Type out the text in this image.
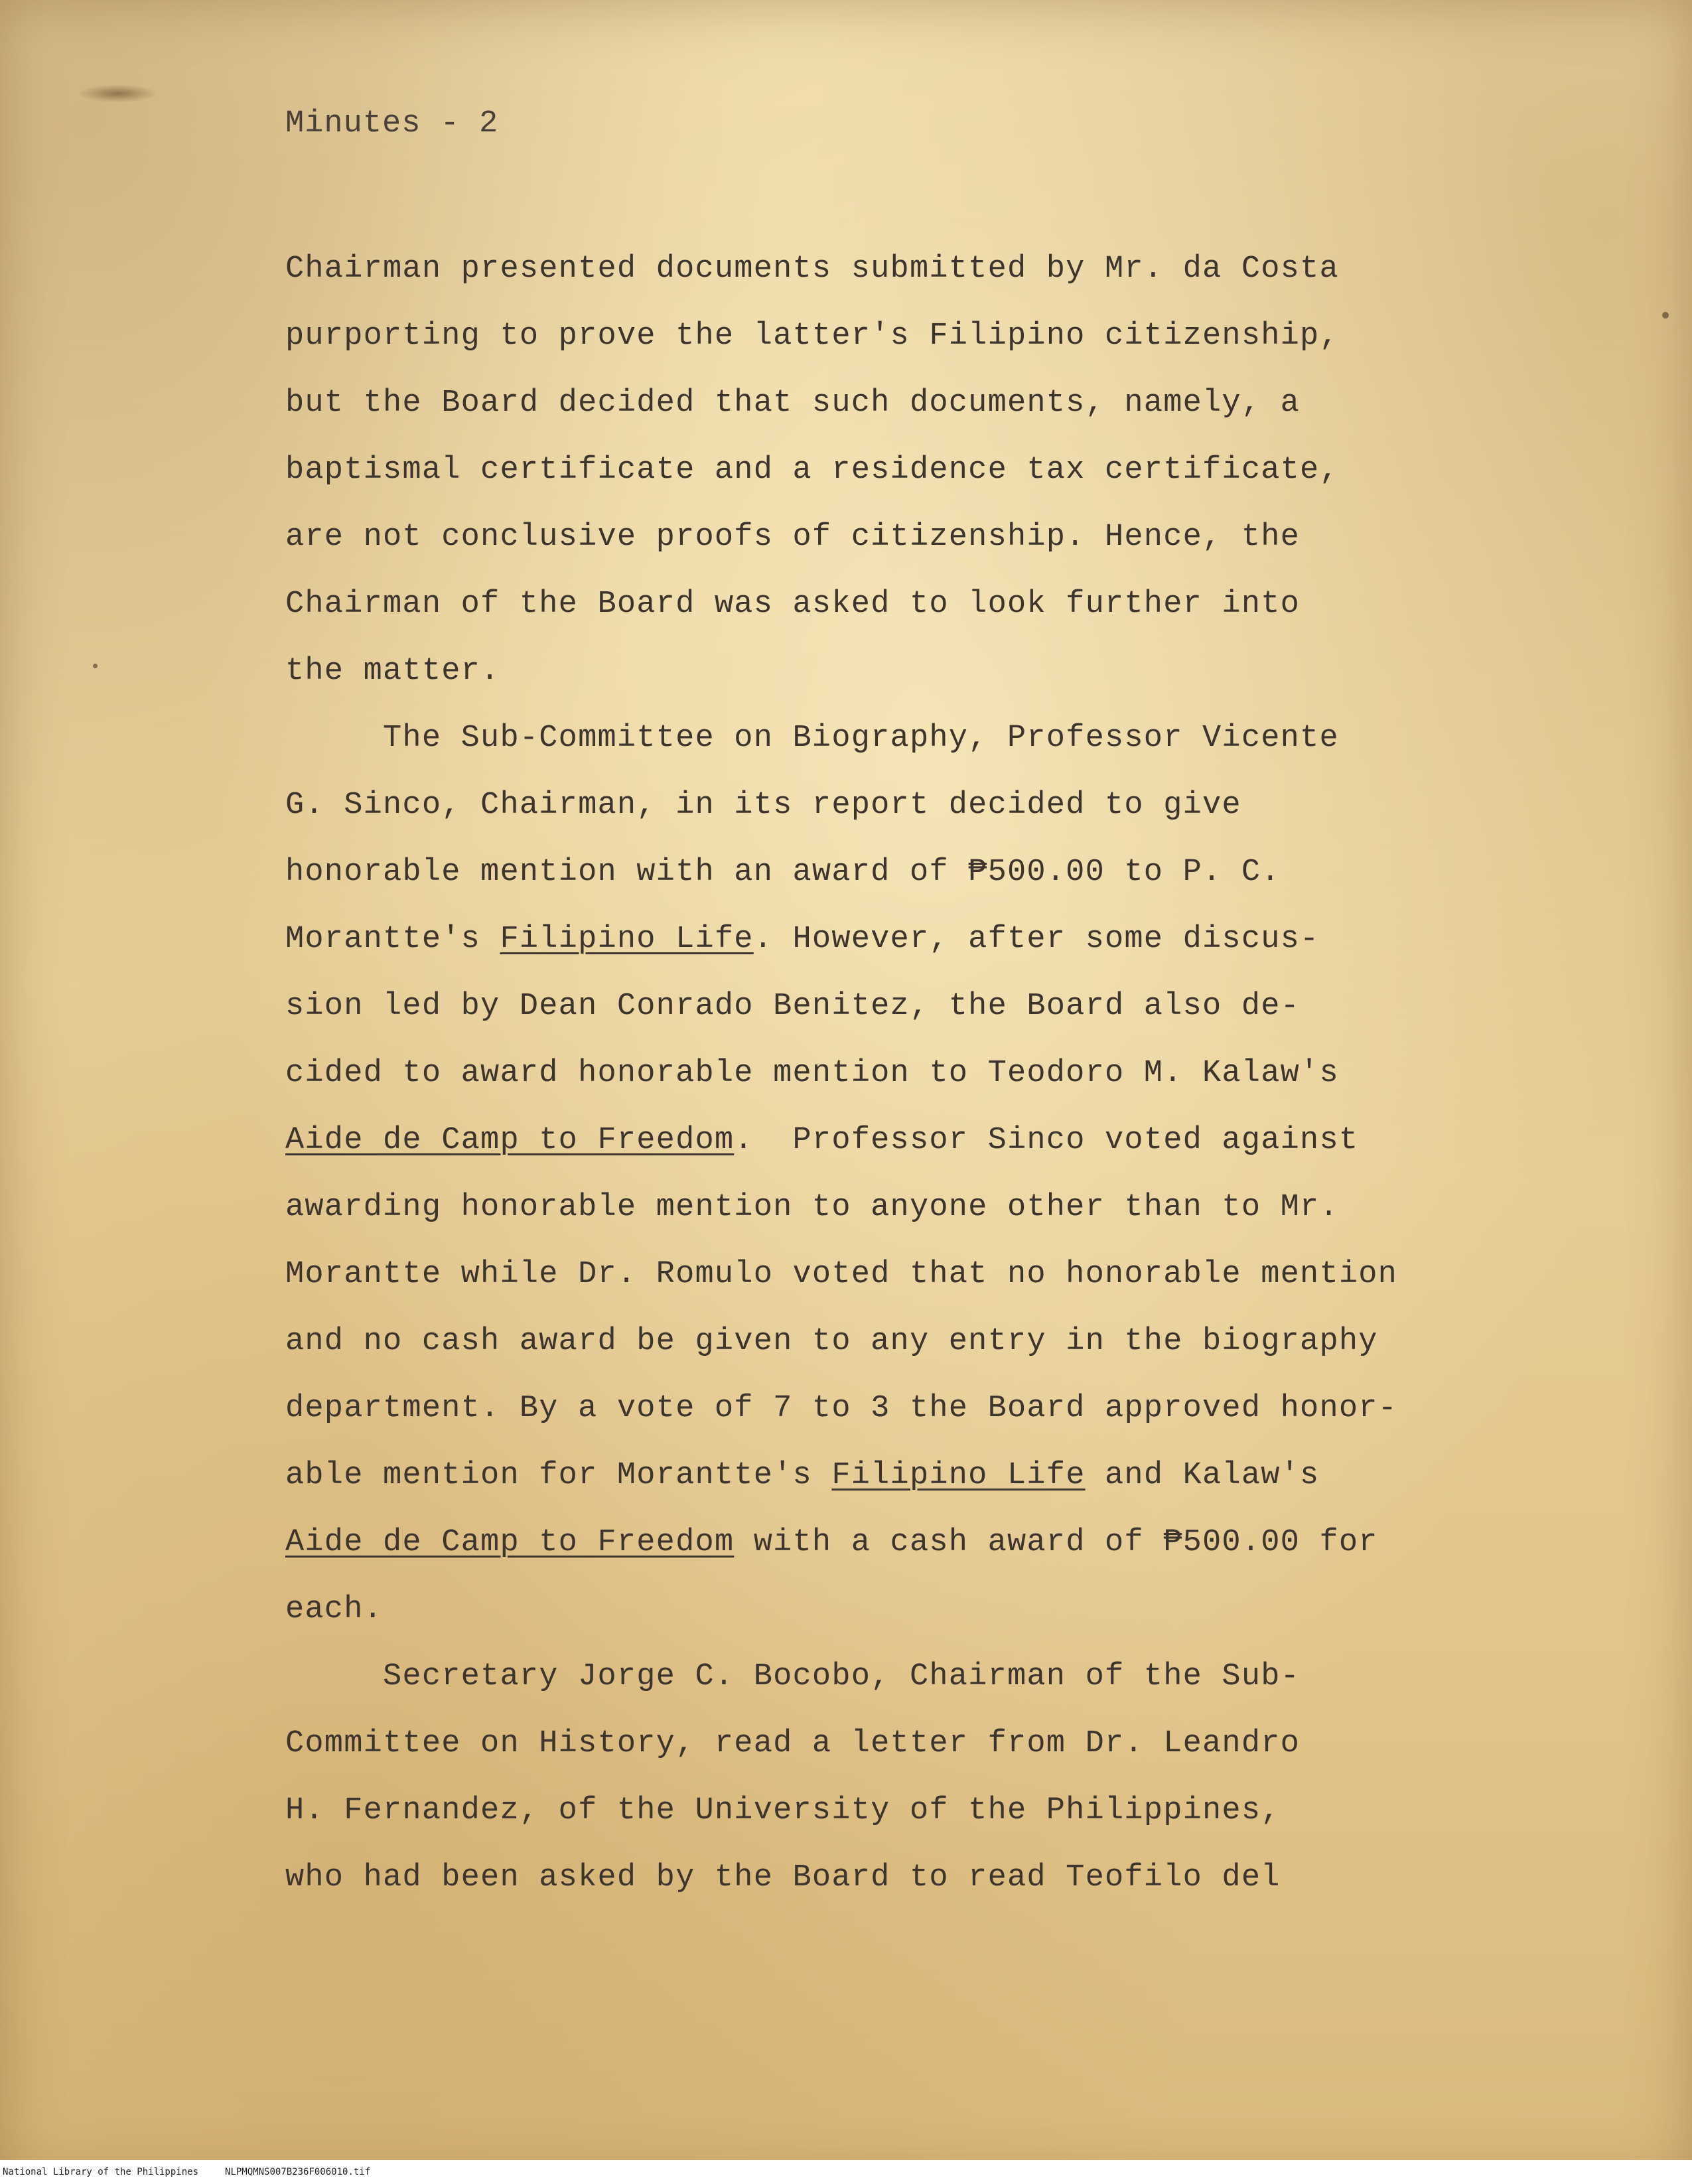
Minutes - 2
Chairman presented documents submitted by Mr. da Costa
purporting to prove the latter's Filipino citizenship,
but the Board decided that such documents, namely, a
baptismal certificate and a residence tax certificate,
are not conclusive proofs of citizenship. Hence, the
Chairman of the Board was asked to look further into
the matter.
The Sub-Committee on Biography, Professor Vicente
G. Sinco, Chairman, in its report decided to give
honorable mention with an award of ₱500.00 to P. C.
Morantte's Filipino Life. However, after some discus-
sion led by Dean Conrado Benitez, the Board also de-
cided to award honorable mention to Teodoro M. Kalaw's
Aide de Camp to Freedom.  Professor Sinco voted against
awarding honorable mention to anyone other than to Mr.
Morantte while Dr. Romulo voted that no honorable mention
and no cash award be given to any entry in the biography
department. By a vote of 7 to 3 the Board approved honor-
able mention for Morantte's Filipino Life and Kalaw's
Aide de Camp to Freedom with a cash award of ₱500.00 for
each.
Secretary Jorge C. Bocobo, Chairman of the Sub-
Committee on History, read a letter from Dr. Leandro
H. Fernandez, of the University of the Philippines,
who had been asked by the Board to read Teofilo del
National Library of the Philippines	NLPMQMNS007B236F006010.tif
